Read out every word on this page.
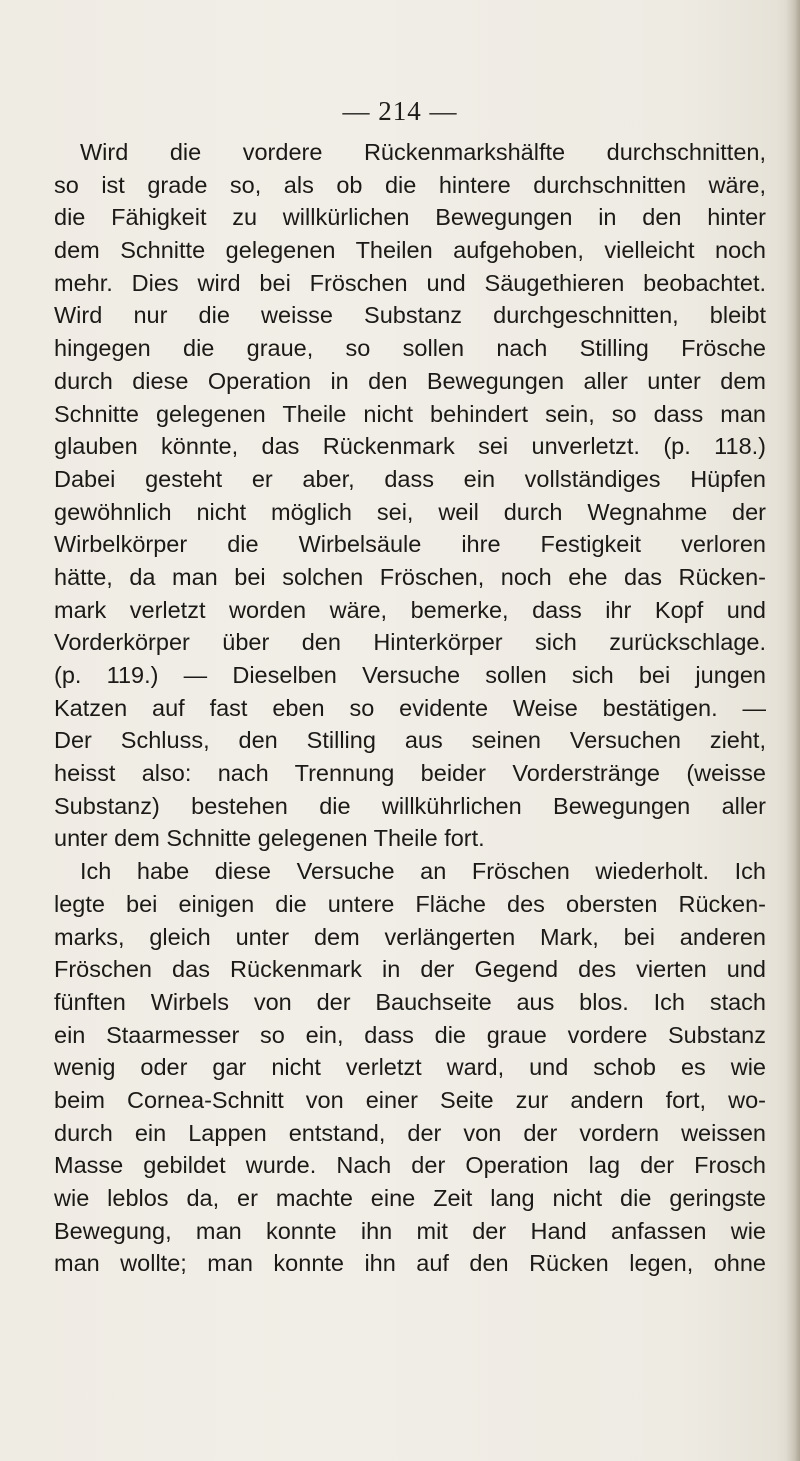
— 214 —
Wird die vordere Rückenmarkshälfte durchschnitten,
so ist grade so, als ob die hintere durchschnitten wäre,
die Fähigkeit zu willkürlichen Bewegungen in den hinter
dem Schnitte gelegenen Theilen aufgehoben, vielleicht noch
mehr. Dies wird bei Fröschen und Säugethieren beobachtet.
Wird nur die weisse Substanz durchgeschnitten, bleibt
hingegen die graue, so sollen nach Stilling Frösche
durch diese Operation in den Bewegungen aller unter dem
Schnitte gelegenen Theile nicht behindert sein, so dass man
glauben könnte, das Rückenmark sei unverletzt. (p. 118.)
Dabei gesteht er aber, dass ein vollständiges Hüpfen
gewöhnlich nicht möglich sei, weil durch Wegnahme der
Wirbelkörper die Wirbelsäule ihre Festigkeit verloren
hätte, da man bei solchen Fröschen, noch ehe das Rücken-
mark verletzt worden wäre, bemerke, dass ihr Kopf und
Vorderkörper über den Hinterkörper sich zurückschlage.
(p. 119.) — Dieselben Versuche sollen sich bei jungen
Katzen auf fast eben so evidente Weise bestätigen. —
Der Schluss, den Stilling aus seinen Versuchen zieht,
heisst also: nach Trennung beider Vorderstränge (weisse
Substanz) bestehen die willkührlichen Bewegungen aller
unter dem Schnitte gelegenen Theile fort.
Ich habe diese Versuche an Fröschen wiederholt. Ich
legte bei einigen die untere Fläche des obersten Rücken-
marks, gleich unter dem verlängerten Mark, bei anderen
Fröschen das Rückenmark in der Gegend des vierten und
fünften Wirbels von der Bauchseite aus blos. Ich stach
ein Staarmesser so ein, dass die graue vordere Substanz
wenig oder gar nicht verletzt ward, und schob es wie
beim Cornea-Schnitt von einer Seite zur andern fort, wo-
durch ein Lappen entstand, der von der vordern weissen
Masse gebildet wurde. Nach der Operation lag der Frosch
wie leblos da, er machte eine Zeit lang nicht die geringste
Bewegung, man konnte ihn mit der Hand anfassen wie
man wollte; man konnte ihn auf den Rücken legen, ohne
